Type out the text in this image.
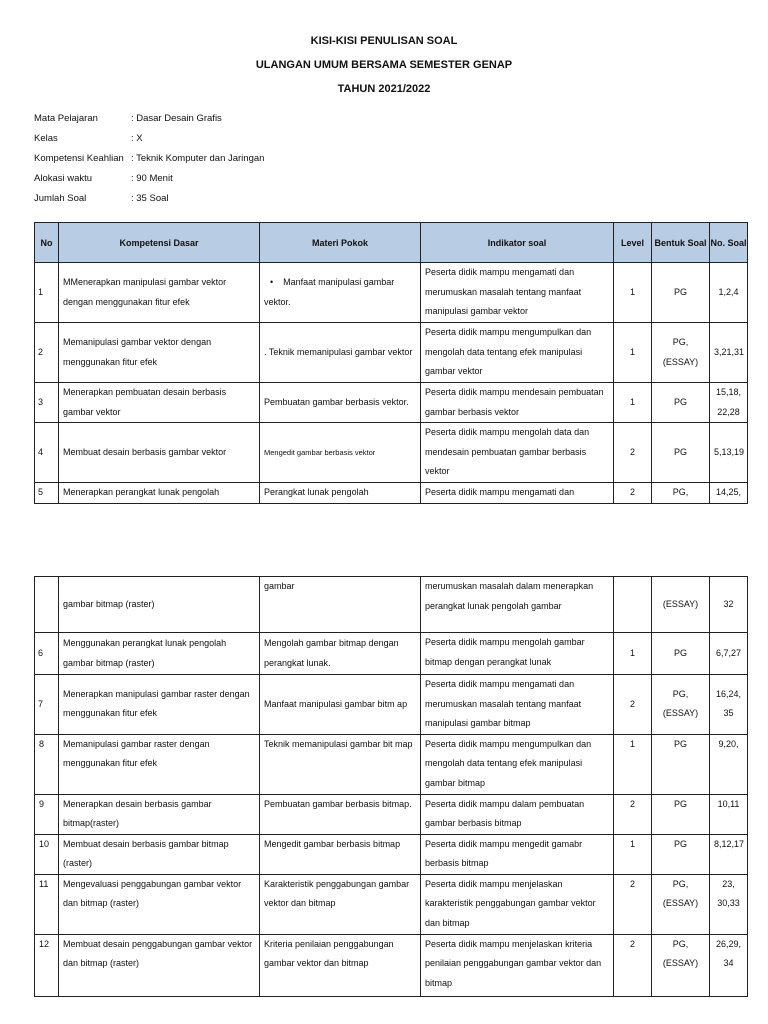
KISI-KISI PENULISAN SOAL
ULANGAN UMUM BERSAMA SEMESTER GENAP
TAHUN 2021/2022
Mata Pelajaran	: Dasar Desain Grafis
Kelas	: X
Kompetensi Keahlian : Teknik Komputer dan Jaringan
Alokasi waktu	: 90 Menit
Jumlah Soal	: 35 Soal
No	Kompetensi Dasar	Materi Pokok	Indikator soal	Level	Bentuk Soal	No. Soal
1	MMenerapkan manipulasi gambar vektor dengan menggunakan fitur efek	• Manfaat manipulasi gambar vektor.	Peserta didik mampu mengamati dan merumuskan masalah tentang manfaat manipulasi gambar vektor	1	PG	1,2,4
2	Memanipulasi gambar vektor dengan menggunakan fitur efek	. Teknik memanipulasi gambar vektor	Peserta didik mampu mengumpulkan dan mengolah data tentang efek manipulasi gambar vektor	1	PG, (ESSAY)	3,21,31
3	Menerapkan pembuatan desain berbasis gambar vektor	Pembuatan gambar berbasis vektor.	Peserta didik mampu mendesain pembuatan gambar berbasis vektor	1	PG	15,18, 22,28
4	Membuat desain berbasis gambar vektor	Mengedit gambar berbasis vektor	Peserta didik mampu mengolah data dan mendesain pembuatan gambar berbasis vektor	2	PG	5,13,19
5	Menerapkan perangkat lunak pengolah	Perangkat lunak pengolah	Peserta didik mampu mengamati dan	2	PG,	14,25,
	gambar bitmap (raster)	gambar	merumuskan masalah dalam menerapkan perangkat lunak pengolah gambar		(ESSAY)	32
6	Menggunakan perangkat lunak pengolah gambar bitmap (raster)	Mengolah gambar bitmap dengan perangkat lunak.	Peserta didik mampu mengolah gambar bitmap dengan perangkat lunak	1	PG	6,7,27
7	Menerapkan manipulasi gambar raster dengan menggunakan fitur efek	Manfaat manipulasi gambar bitm ap	Peserta didik mampu mengamati dan merumuskan masalah tentang manfaat manipulasi gambar bitmap	2	PG, (ESSAY)	16,24, 35
8	Memanipulasi gambar raster dengan menggunakan fitur efek	Teknik memanipulasi gambar bit map	Peserta didik mampu mengumpulkan dan mengolah data tentang efek manipulasi gambar bitmap	1	PG	9,20,
9	Menerapkan desain berbasis gambar bitmap(raster)	Pembuatan gambar berbasis bitmap.	Peserta didik mampu dalam pembuatan gambar berbasis bitmap	2	PG	10,11
10	Membuat desain berbasis gambar bitmap (raster)	Mengedit gambar berbasis bitmap	Peserta didik mampu mengedit gamabr berbasis bitmap	1	PG	8,12,17
11	Mengevaluasi penggabungan gambar vektor dan bitmap (raster)	Karakteristik penggabungan gambar vektor dan bitmap	Peserta didik mampu menjelaskan karakteristik penggabungan gambar vektor dan bitmap	2	PG, (ESSAY)	23, 30,33
12	Membuat desain penggabungan gambar vektor dan bitmap (raster)	Kriteria penilaian penggabungan gambar vektor dan bitmap	Peserta didik mampu menjelaskan kriteria penilaian penggabungan gambar vektor dan bitmap	2	PG, (ESSAY)	26,29, 34
